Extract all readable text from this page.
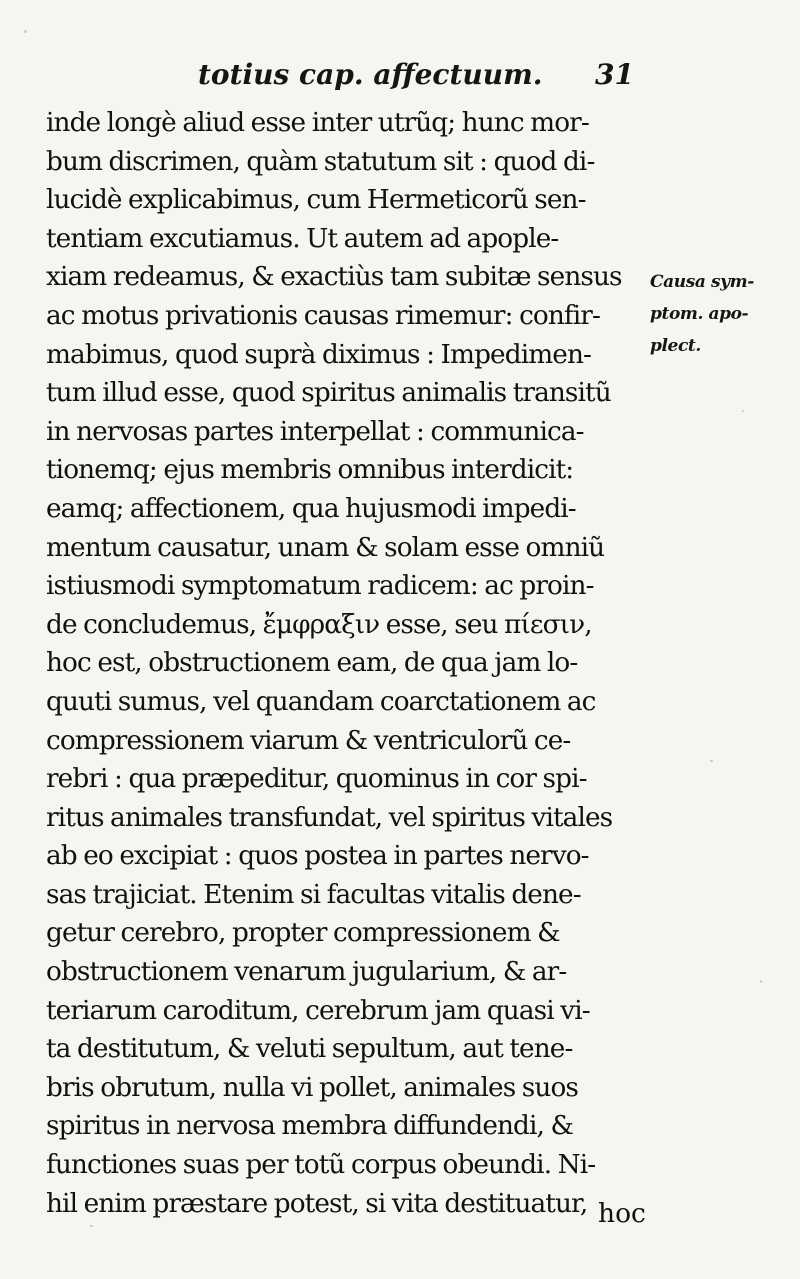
totius cap. affectuum. 31
inde longè aliud esse inter utrũq; hunc mor-
bum discrimen, quàm statutum sit : quod di-
lucidè explicabimus, cum Hermeticorũ sen-
tentiam excutiamus. Ut autem ad apople-
xiam redeamus, & exactiùs tam subitæ sensus
ac motus privationis causas rimemur: confir-
mabimus, quod suprà diximus : Impedimen-
tum illud esse, quod spiritus animalis transitũ
in nervosas partes interpellat : communica-
tionemq; ejus membris omnibus interdicit:
eamq; affectionem, qua hujusmodi impedi-
mentum causatur, unam & solam esse omniũ
istiusmodi symptomatum radicem: ac proin-
de concludemus, ἔμφραξιν esse, seu πίεσιν,
hoc est, obstructionem eam, de qua jam lo-
quuti sumus, vel quandam coarctationem ac
compressionem viarum & ventriculorũ ce-
rebri : qua præpeditur, quominus in cor spi-
ritus animales transfundat, vel spiritus vitales
ab eo excipiat : quos postea in partes nervo-
sas trajiciat. Etenim si facultas vitalis dene-
getur cerebro, propter compressionem &
obstructionem venarum jugularium, & ar-
teriarum caroditum, cerebrum jam quasi vi-
ta destitutum, & veluti sepultum, aut tene-
bris obrutum, nulla vi pollet, animales suos
spiritus in nervosa membra diffundendi, &
functiones suas per totũ corpus obeundi. Ni-
hil enim præstare potest, si vita destituatur,
Causa sym-
ptom. apo-
plect.
hoc
